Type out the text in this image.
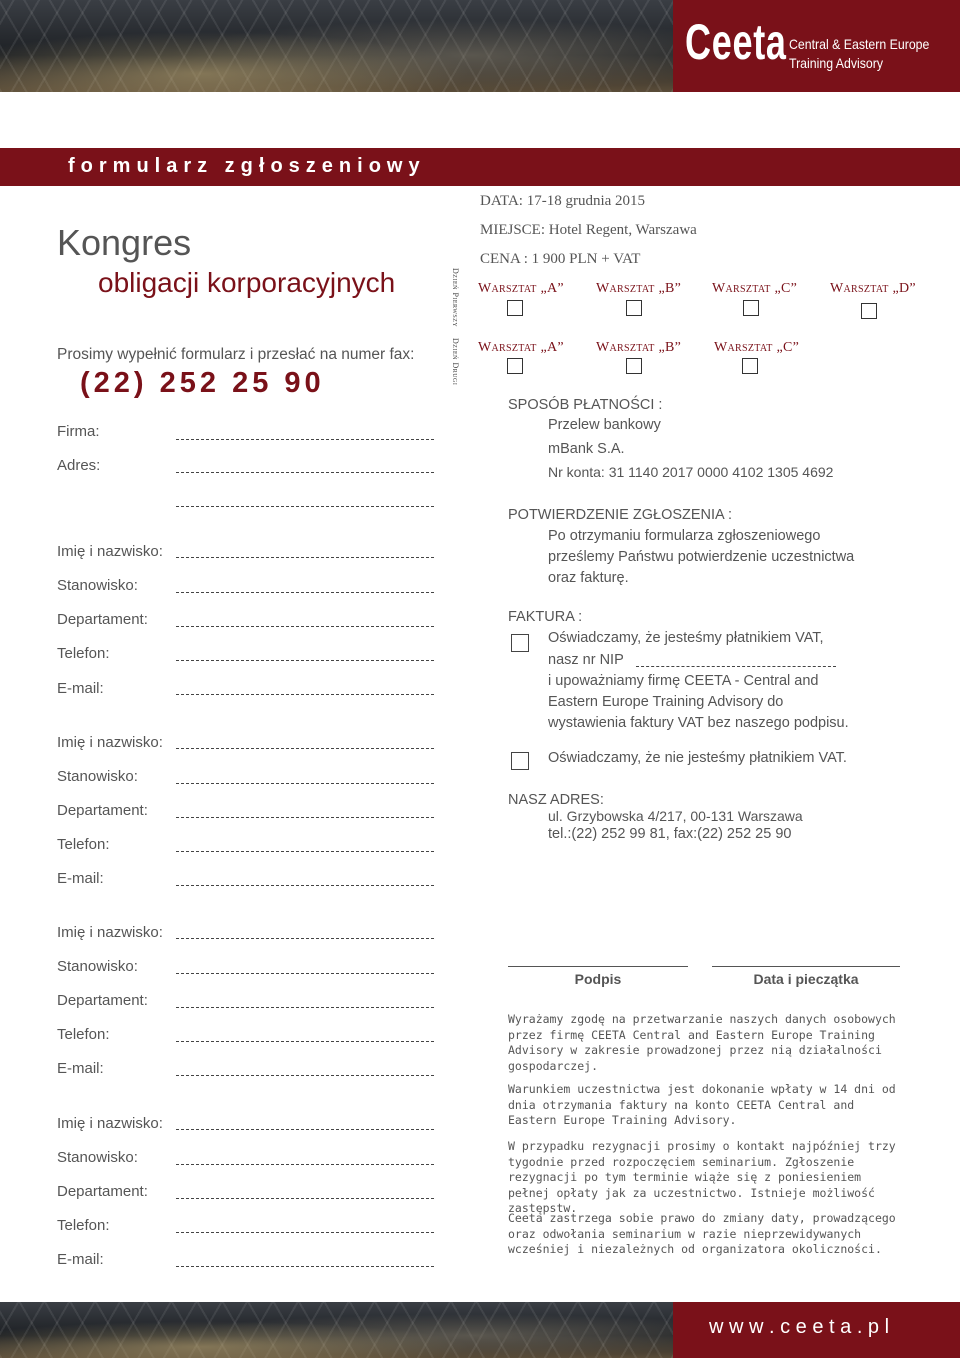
Ceeta Central & Eastern Europe
Training Advisory
formularz zgłoszeniowy
Kongres
obligacji korporacyjnych	Dzień Pierwszy
Dzień Drugi
DATA: 17-18 grudnia 2015
MIEJSCE: Hotel Regent, Warszawa
CENA : 1 900 PLN + VAT
Warsztat „A” Warsztat „B” Warsztat „C” Warsztat „D”
Warsztat „A” Warsztat „B” Warsztat „C”
Prosimy wypełnić formularz i przesłać na numer fax:
(22) 252 25 90
Firma:
Adres:
Imię i nazwisko:
Stanowisko:
Departament:
Telefon:
E-mail:
Imię i nazwisko:
Stanowisko:
Departament:
Telefon:
E-mail:
Imię i nazwisko:
Stanowisko:
Departament:
Telefon:
E-mail:
Imię i nazwisko:
Stanowisko:
Departament:
Telefon:
E-mail:
SPOSÓB PŁATNOŚCI :
Przelew bankowy
mBank S.A.
Nr konta: 31 1140 2017 0000 4102 1305 4692
POTWIERDZENIE ZGŁOSZENIA :
Po otrzymaniu formularza zgłoszeniowego
prześlemy Państwu potwierdzenie uczestnictwa
oraz fakturę.
FAKTURA :
Oświadczamy, że jesteśmy płatnikiem VAT,
nasz nr NIP
i upoważniamy firmę CEETA - Central and
Eastern Europe Training Advisory do
wystawienia faktury VAT bez naszego podpisu.
Oświadczamy, że nie jesteśmy płatnikiem VAT.
NASZ ADRES:
ul. Grzybowska 4/217, 00-131 Warszawa
tel.:(22) 252 99 81, fax:(22) 252 25 90
Podpis	Data i pieczątka
Wyrażamy zgodę na przetwarzanie naszych danych osobowych przez firmę CEETA Central and Eastern Europe Training Advisory w zakresie prowadzonej przez nią działalności gospodarczej.
Warunkiem uczestnictwa jest dokonanie wpłaty w 14 dni od dnia otrzymania faktury na konto CEETA Central and Eastern Europe Training Advisory.
W przypadku rezygnacji prosimy o kontakt najpóźniej trzy tygodnie przed rozpoczęciem seminarium. Zgłoszenie rezygnacji po tym terminie wiąże się z poniesieniem pełnej opłaty jak za uczestnictwo. Istnieje możliwość zastępstw.
Ceeta zastrzega sobie prawo do zmiany daty, prowadzącego oraz odwołania seminarium w razie nieprzewidywanych wcześniej i niezależnych od organizatora okoliczności.
w w w . c e e t a . p l
